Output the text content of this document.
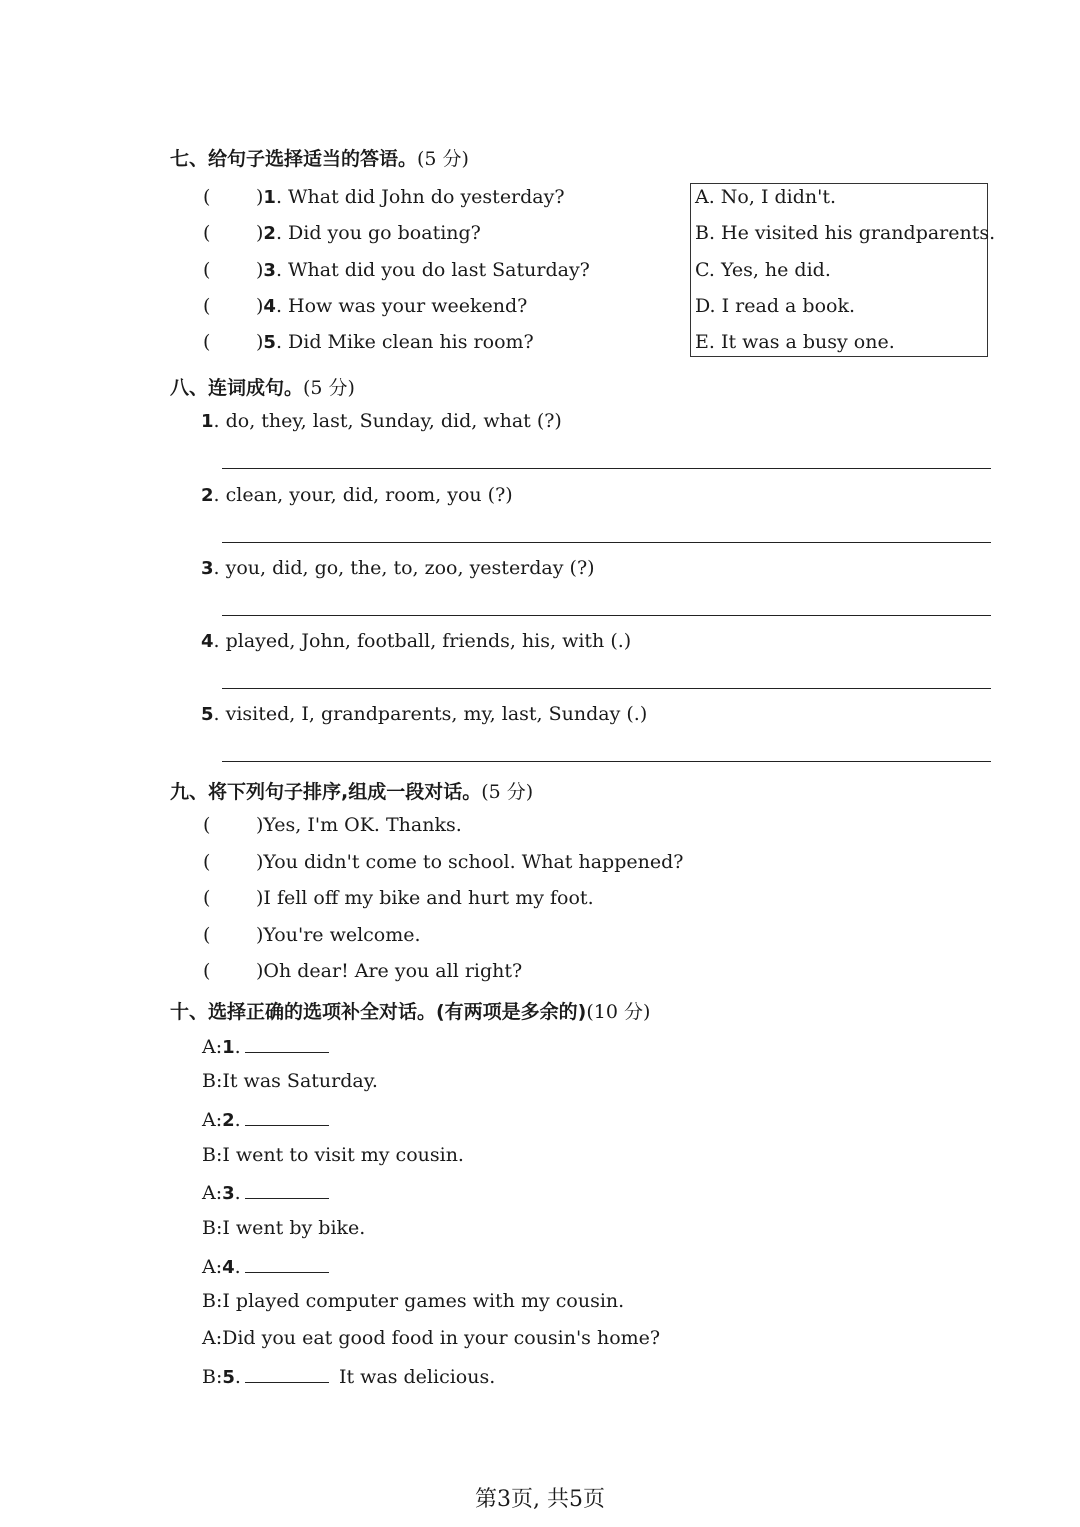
七、给句子选择适当的答语。(5 分)
( )1. What did John do yesterday?
( )2. Did you go boating?
( )3. What did you do last Saturday?
( )4. How was your weekend?
( )5. Did Mike clean his room?
A. No, I didn't.
B. He visited his grandparents.
C. Yes, he did.
D. I read a book.
E. It was a busy one.
八、连词成句。(5 分)
1. do, they, last, Sunday, did, what (?)
2. clean, your, did, room, you (?)
3. you, did, go, the, to, zoo, yesterday (?)
4. played, John, football, friends, his, with (.)
5. visited, I, grandparents, my, last, Sunday (.)
九、将下列句子排序,组成一段对话。(5 分)
( )Yes, I'm OK. Thanks.
( )You didn't come to school. What happened?
( )I fell off my bike and hurt my foot.
( )You're welcome.
( )Oh dear! Are you all right?
十、选择正确的选项补全对话。(有两项是多余的)(10 分)
A:1.
B:It was Saturday.
A:2.
B:I went to visit my cousin.
A:3.
B:I went by bike.
A:4.
B:I played computer games with my cousin.
A:Did you eat good food in your cousin's home?
B:5.	It was delicious.
第3页, 共5页
